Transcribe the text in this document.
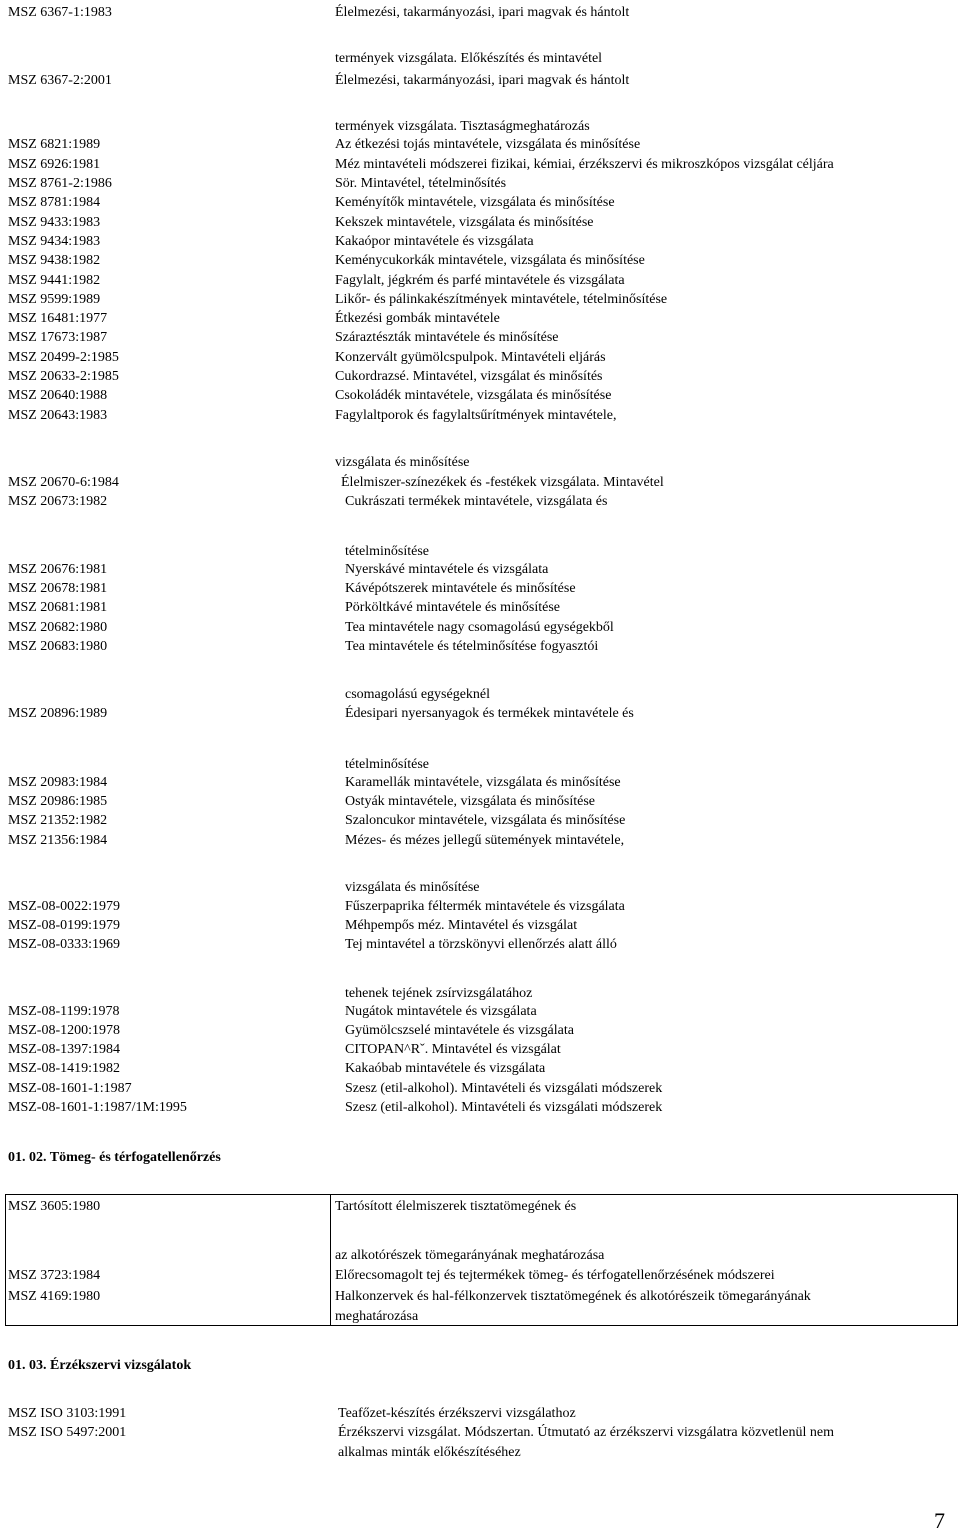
MSZ 6367-1:1983	Élelmezési, takarmányozási, ipari magvak és hántolt
termények vizsgálata. Előkészítés és mintavétel
MSZ 6367-2:2001	Élelmezési, takarmányozási, ipari magvak és hántolt
termények vizsgálata. Tisztaságmeghatározás
MSZ 6821:1989	Az étkezési tojás mintavétele, vizsgálata és minősítése
MSZ 6926:1981	Méz mintavételi módszerei fizikai, kémiai, érzékszervi és mikroszkópos vizsgálat céljára
MSZ 8761-2:1986	Sör. Mintavétel, tételminősítés
MSZ 8781:1984	Keményítők mintavétele, vizsgálata és minősítése
MSZ 9433:1983	Kekszek mintavétele, vizsgálata és minősítése
MSZ 9434:1983	Kakaópor mintavétele és vizsgálata
MSZ 9438:1982	Keménycukorkák mintavétele, vizsgálata és minősítése
MSZ 9441:1982	Fagylalt, jégkrém és parfé mintavétele és vizsgálata
MSZ 9599:1989	Likőr- és pálinkakészítmények mintavétele, tételminősítése
MSZ 16481:1977	Étkezési gombák mintavétele
MSZ 17673:1987	Száraztészták mintavétele és minősítése
MSZ 20499-2:1985	Konzervált gyümölcspulpok. Mintavételi eljárás
MSZ 20633-2:1985	Cukordrazsé. Mintavétel, vizsgálat és minősítés
MSZ 20640:1988	Csokoládék mintavétele, vizsgálata és minősítése
MSZ 20643:1983	Fagylaltporok és fagylaltsűrítmények mintavétele,
vizsgálata és minősítése
MSZ 20670-6:1984	Élelmiszer-színezékek és -festékek vizsgálata. Mintavétel
MSZ 20673:1982	Cukrászati termékek mintavétele, vizsgálata és
tételminősítése
MSZ 20676:1981	Nyerskávé mintavétele és vizsgálata
MSZ 20678:1981	Kávépótszerek mintavétele és minősítése
MSZ 20681:1981	Pörköltkávé mintavétele és minősítése
MSZ 20682:1980	Tea mintavétele nagy csomagolású egységekből
MSZ 20683:1980	Tea mintavétele és tételminősítése fogyasztói
csomagolású egységeknél
MSZ 20896:1989	Édesipari nyersanyagok és termékek mintavétele és
tételminősítése
MSZ 20983:1984	Karamellák mintavétele, vizsgálata és minősítése
MSZ 20986:1985	Ostyák mintavétele, vizsgálata és minősítése
MSZ 21352:1982	Szaloncukor mintavétele, vizsgálata és minősítése
MSZ 21356:1984	Mézes- és mézes jellegű sütemények mintavétele,
vizsgálata és minősítése
MSZ-08-0022:1979	Fűszerpaprika féltermék mintavétele és vizsgálata
MSZ-08-0199:1979	Méhpempős méz. Mintavétel és vizsgálat
MSZ-08-0333:1969	Tej mintavétel a törzskönyvi ellenőrzés alatt álló
tehenek tejének zsírvizsgálatához
MSZ-08-1199:1978	Nugátok mintavétele és vizsgálata
MSZ-08-1200:1978	Gyümölcszselé mintavétele és vizsgálata
MSZ-08-1397:1984	CITOPAN^Rˇ. Mintavétel és vizsgálat
MSZ-08-1419:1982	Kakaóbab mintavétele és vizsgálata
MSZ-08-1601-1:1987	Szesz (etil-alkohol). Mintavételi és vizsgálati módszerek
MSZ-08-1601-1:1987/1M:1995	Szesz (etil-alkohol). Mintavételi és vizsgálati módszerek
01. 02. Tömeg- és térfogatellenőrzés
MSZ 3605:1980	Tartósított élelmiszerek tisztatömegének és
az alkotórészek tömegarányának meghatározása
MSZ 3723:1984	Előrecsomagolt tej és tejtermékek tömeg- és térfogatellenőrzésének módszerei
MSZ 4169:1980	Halkonzervek és hal-félkonzervek tisztatömegének és alkotórészeik tömegarányának
meghatározása
01. 03. Érzékszervi vizsgálatok
MSZ ISO 3103:1991	Teafőzet-készítés érzékszervi vizsgálathoz
MSZ ISO 5497:2001	Érzékszervi vizsgálat. Módszertan. Útmutató az érzékszervi vizsgálatra közvetlenül nem
alkalmas minták előkészítéséhez
7
